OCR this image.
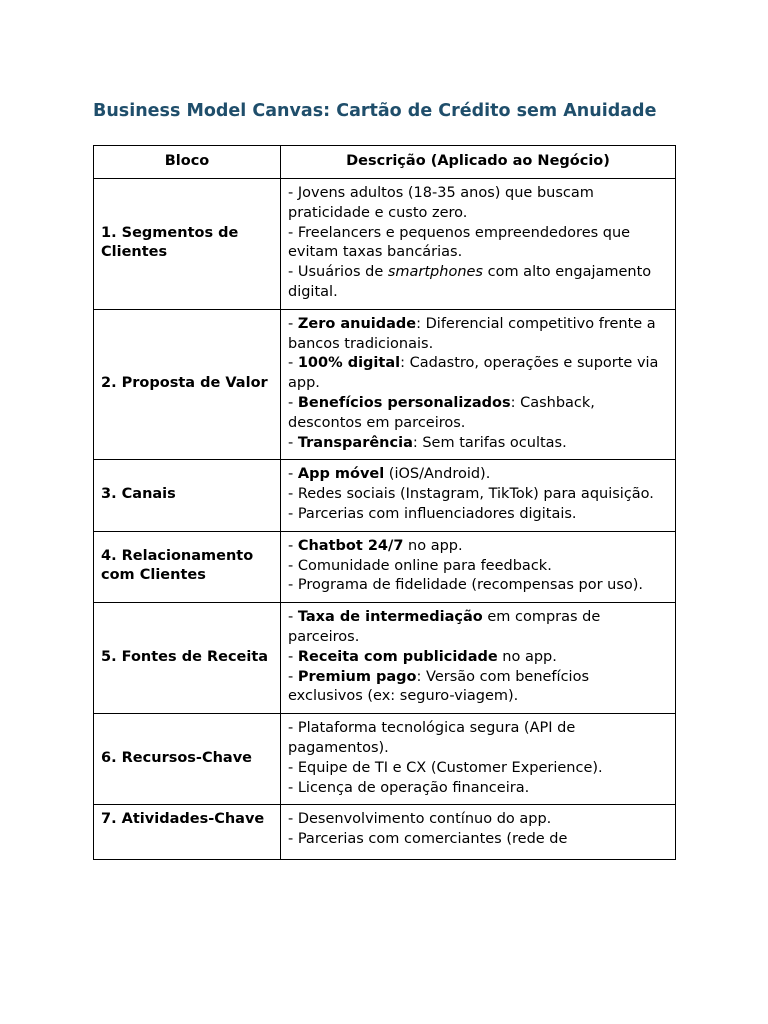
Business Model Canvas: Cartão de Crédito sem Anuidade
Bloco	Descrição (Aplicado ao Negócio)
1. Segmentos de Clientes	- Jovens adultos (18-35 anos) que buscam praticidade e custo zero.
- Freelancers e pequenos empreendedores que evitam taxas bancárias.
- Usuários de smartphones com alto engajamento digital.

2. Proposta de Valor	- Zero anuidade: Diferencial competitivo frente a bancos tradicionais.
- 100% digital: Cadastro, operações e suporte via app.
- Benefícios personalizados: Cashback, descontos em parceiros.
- Transparência: Sem tarifas ocultas.

3. Canais	- App móvel (iOS/Android).
- Redes sociais (Instagram, TikTok) para aquisição.
- Parcerias com influenciadores digitais.

4. Relacionamento com Clientes	- Chatbot 24/7 no app.
- Comunidade online para feedback.
- Programa de fidelidade (recompensas por uso).

5. Fontes de Receita	- Taxa de intermediação em compras de parceiros.
- Receita com publicidade no app.
- Premium pago: Versão com benefícios exclusivos (ex: seguro-viagem).

6. Recursos-Chave	- Plataforma tecnológica segura (API de pagamentos).
- Equipe de TI e CX (Customer Experience).
- Licença de operação financeira.

7. Atividades-Chave	- Desenvolvimento contínuo do app.
- Parcerias com comerciantes (rede de
